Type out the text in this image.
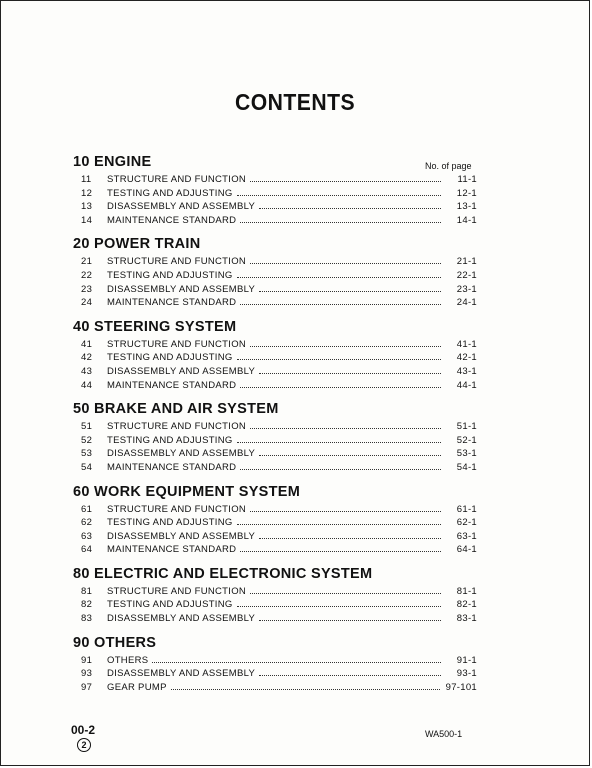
CONTENTS
No. of page
10 ENGINE
11	STRUCTURE AND FUNCTION	11-1
12	TESTING AND ADJUSTING	12-1
13	DISASSEMBLY AND ASSEMBLY	13-1
14	MAINTENANCE STANDARD	14-1
20 POWER TRAIN
21	STRUCTURE AND FUNCTION	21-1
22	TESTING AND ADJUSTING	22-1
23	DISASSEMBLY AND ASSEMBLY	23-1
24	MAINTENANCE STANDARD	24-1
40 STEERING SYSTEM
41	STRUCTURE AND FUNCTION	41-1
42	TESTING AND ADJUSTING	42-1
43	DISASSEMBLY AND ASSEMBLY	43-1
44	MAINTENANCE STANDARD	44-1
50 BRAKE AND AIR SYSTEM
51	STRUCTURE AND FUNCTION	51-1
52	TESTING AND ADJUSTING	52-1
53	DISASSEMBLY AND ASSEMBLY	53-1
54	MAINTENANCE STANDARD	54-1
60 WORK EQUIPMENT SYSTEM
61	STRUCTURE AND FUNCTION	61-1
62	TESTING AND ADJUSTING	62-1
63	DISASSEMBLY AND ASSEMBLY	63-1
64	MAINTENANCE STANDARD	64-1
80 ELECTRIC AND ELECTRONIC SYSTEM
81	STRUCTURE AND FUNCTION	81-1
82	TESTING AND ADJUSTING	82-1
83	DISASSEMBLY AND ASSEMBLY	83-1
90 OTHERS
91	OTHERS	91-1
93	DISASSEMBLY AND ASSEMBLY	93-1
97	GEAR PUMP	97-101
00-2
2
WA500-1
